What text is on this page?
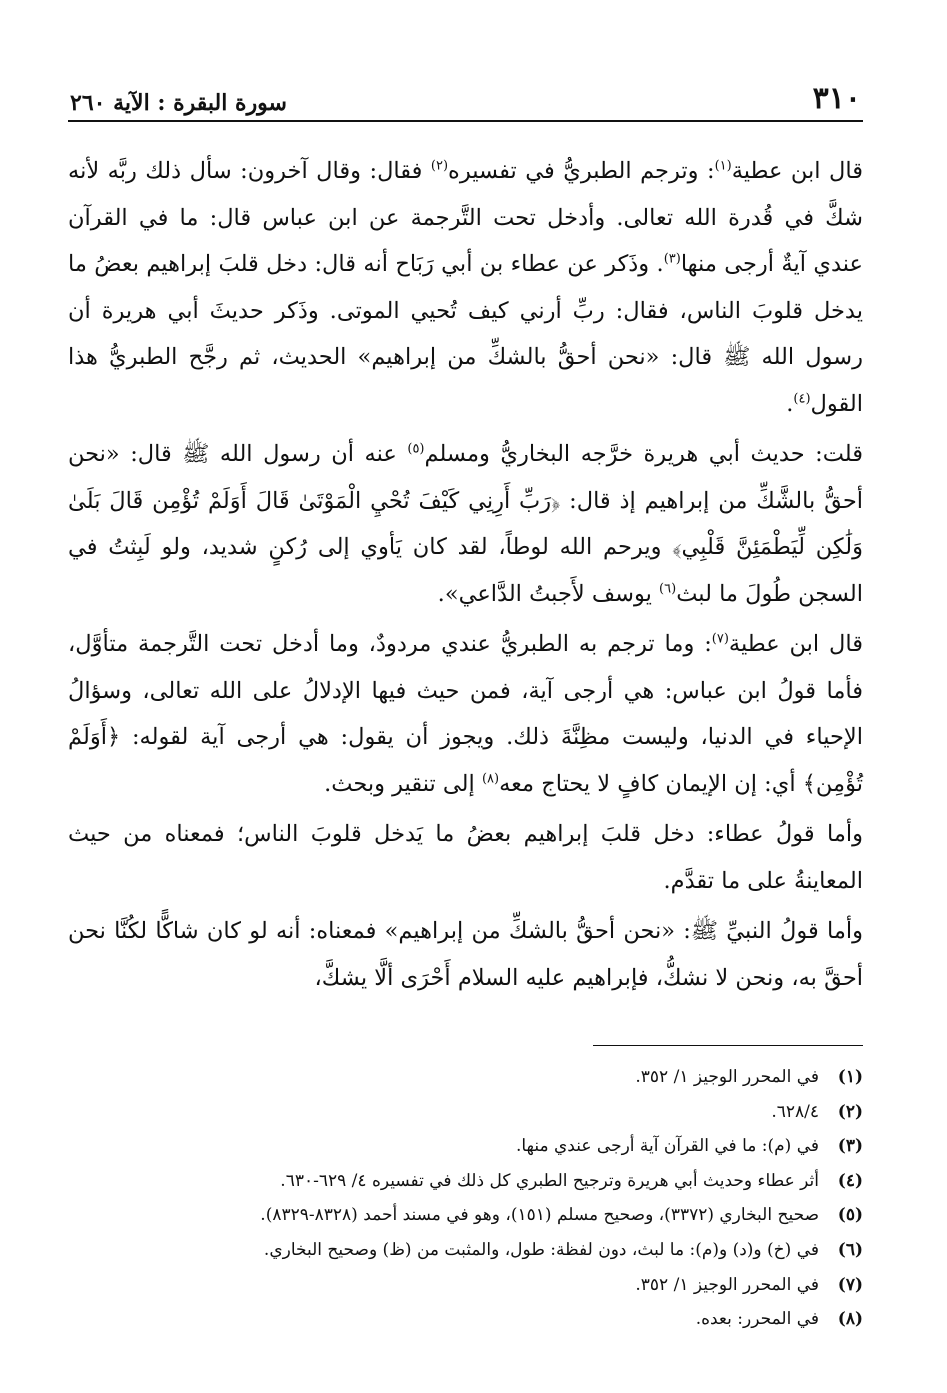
٣١٠
سورة البقرة : الآية ٢٦٠

قال ابن عطية$^{(١)}$: وترجم الطبريُّ في تفسيره$^{(٢)}$ فقال: وقال آخرون: سأل ذلك ربَّه لأنه شكَّ في قُدرة الله تعالى. وأدخل تحت التَّرجمة عن ابن عباس قال: ما في القرآن عندي آيةٌ أرجى منها$^{(٣)}$. وذَكر عن عطاء بن أبي رَبَاح أنه قال: دخل قلبَ إبراهيم بعضُ ما يدخل قلوبَ الناس، فقال: ربِّ أرني كيف تُحيي الموتى. وذَكر حديثَ أبي هريرة أن رسول الله ﷺ قال: «نحن أحقُّ بالشكِّ من إبراهيم» الحديث، ثم رجَّح الطبريُّ هذا القول$^{(٤)}$.

قلت: حديث أبي هريرة خرَّجه البخاريُّ ومسلم$^{(٥)}$ عنه أن رسول الله ﷺ قال: «نحن أحقُّ بالشَّكِّ من إبراهيم إذ قال: ﴿رَبِّ أَرِنِي كَيْفَ تُحْيِ الْمَوْتَىٰ قَالَ أَوَلَمْ تُؤْمِن قَالَ بَلَىٰ وَلَٰكِن لِّيَطْمَئِنَّ قَلْبِي﴾ ويرحم الله لوطاً، لقد كان يَأوي إلى رُكنٍ شديد، ولو لَبِثتُ في السجن طُولَ ما لبث$^{(٦)}$ يوسف لأَجبتُ الدَّاعي».

قال ابن عطية$^{(٧)}$: وما ترجم به الطبريُّ عندي مردودٌ، وما أدخل تحت التَّرجمة متأوَّل، فأما قولُ ابن عباس: هي أرجى آية، فمن حيث فيها الإدلالُ على الله تعالى، وسؤالُ الإحياء في الدنيا، وليست مظِنَّةَ ذلك. ويجوز أن يقول: هي أرجى آية لقوله: ﴿أَوَلَمْ تُؤْمِن﴾ أي: إن الإيمان كافٍ لا يحتاج معه$^{(٨)}$ إلى تنقير وبحث.

وأما قولُ عطاء: دخل قلبَ إبراهيم بعضُ ما يَدخل قلوبَ الناس؛ فمعناه من حيث المعاينةُ على ما تقدَّم.

وأما قولُ النبيِّ ﷺ: «نحن أحقُّ بالشكِّ من إبراهيم» فمعناه: أنه لو كان شاكًّا لكُنَّا نحن أحقَّ به، ونحن لا نشكُّ، فإبراهيم عليه السلام أَحْرَى ألَّا يشكَّ،

(١)
في المحرر الوجيز ١/ ٣٥٢.
(٢)
٦٢٨/٤.
(٣)
في (م): ما في القرآن آية أرجى عندي منها.
(٤)
أثر عطاء وحديث أبي هريرة وترجيح الطبري كل ذلك في تفسيره ٤/ ٦٢٩-٦٣٠.
(٥)
صحيح البخاري (٣٣٧٢)، وصحيح مسلم (١٥١)، وهو في مسند أحمد (٨٣٢٨-٨٣٢٩).
(٦)
في (خ) و(د) و(م): ما لبث، دون لفظة: طول، والمثبت من (ظ) وصحيح البخاري.
(٧)
في المحرر الوجيز ١/ ٣٥٢.
(٨)
في المحرر: بعده.
